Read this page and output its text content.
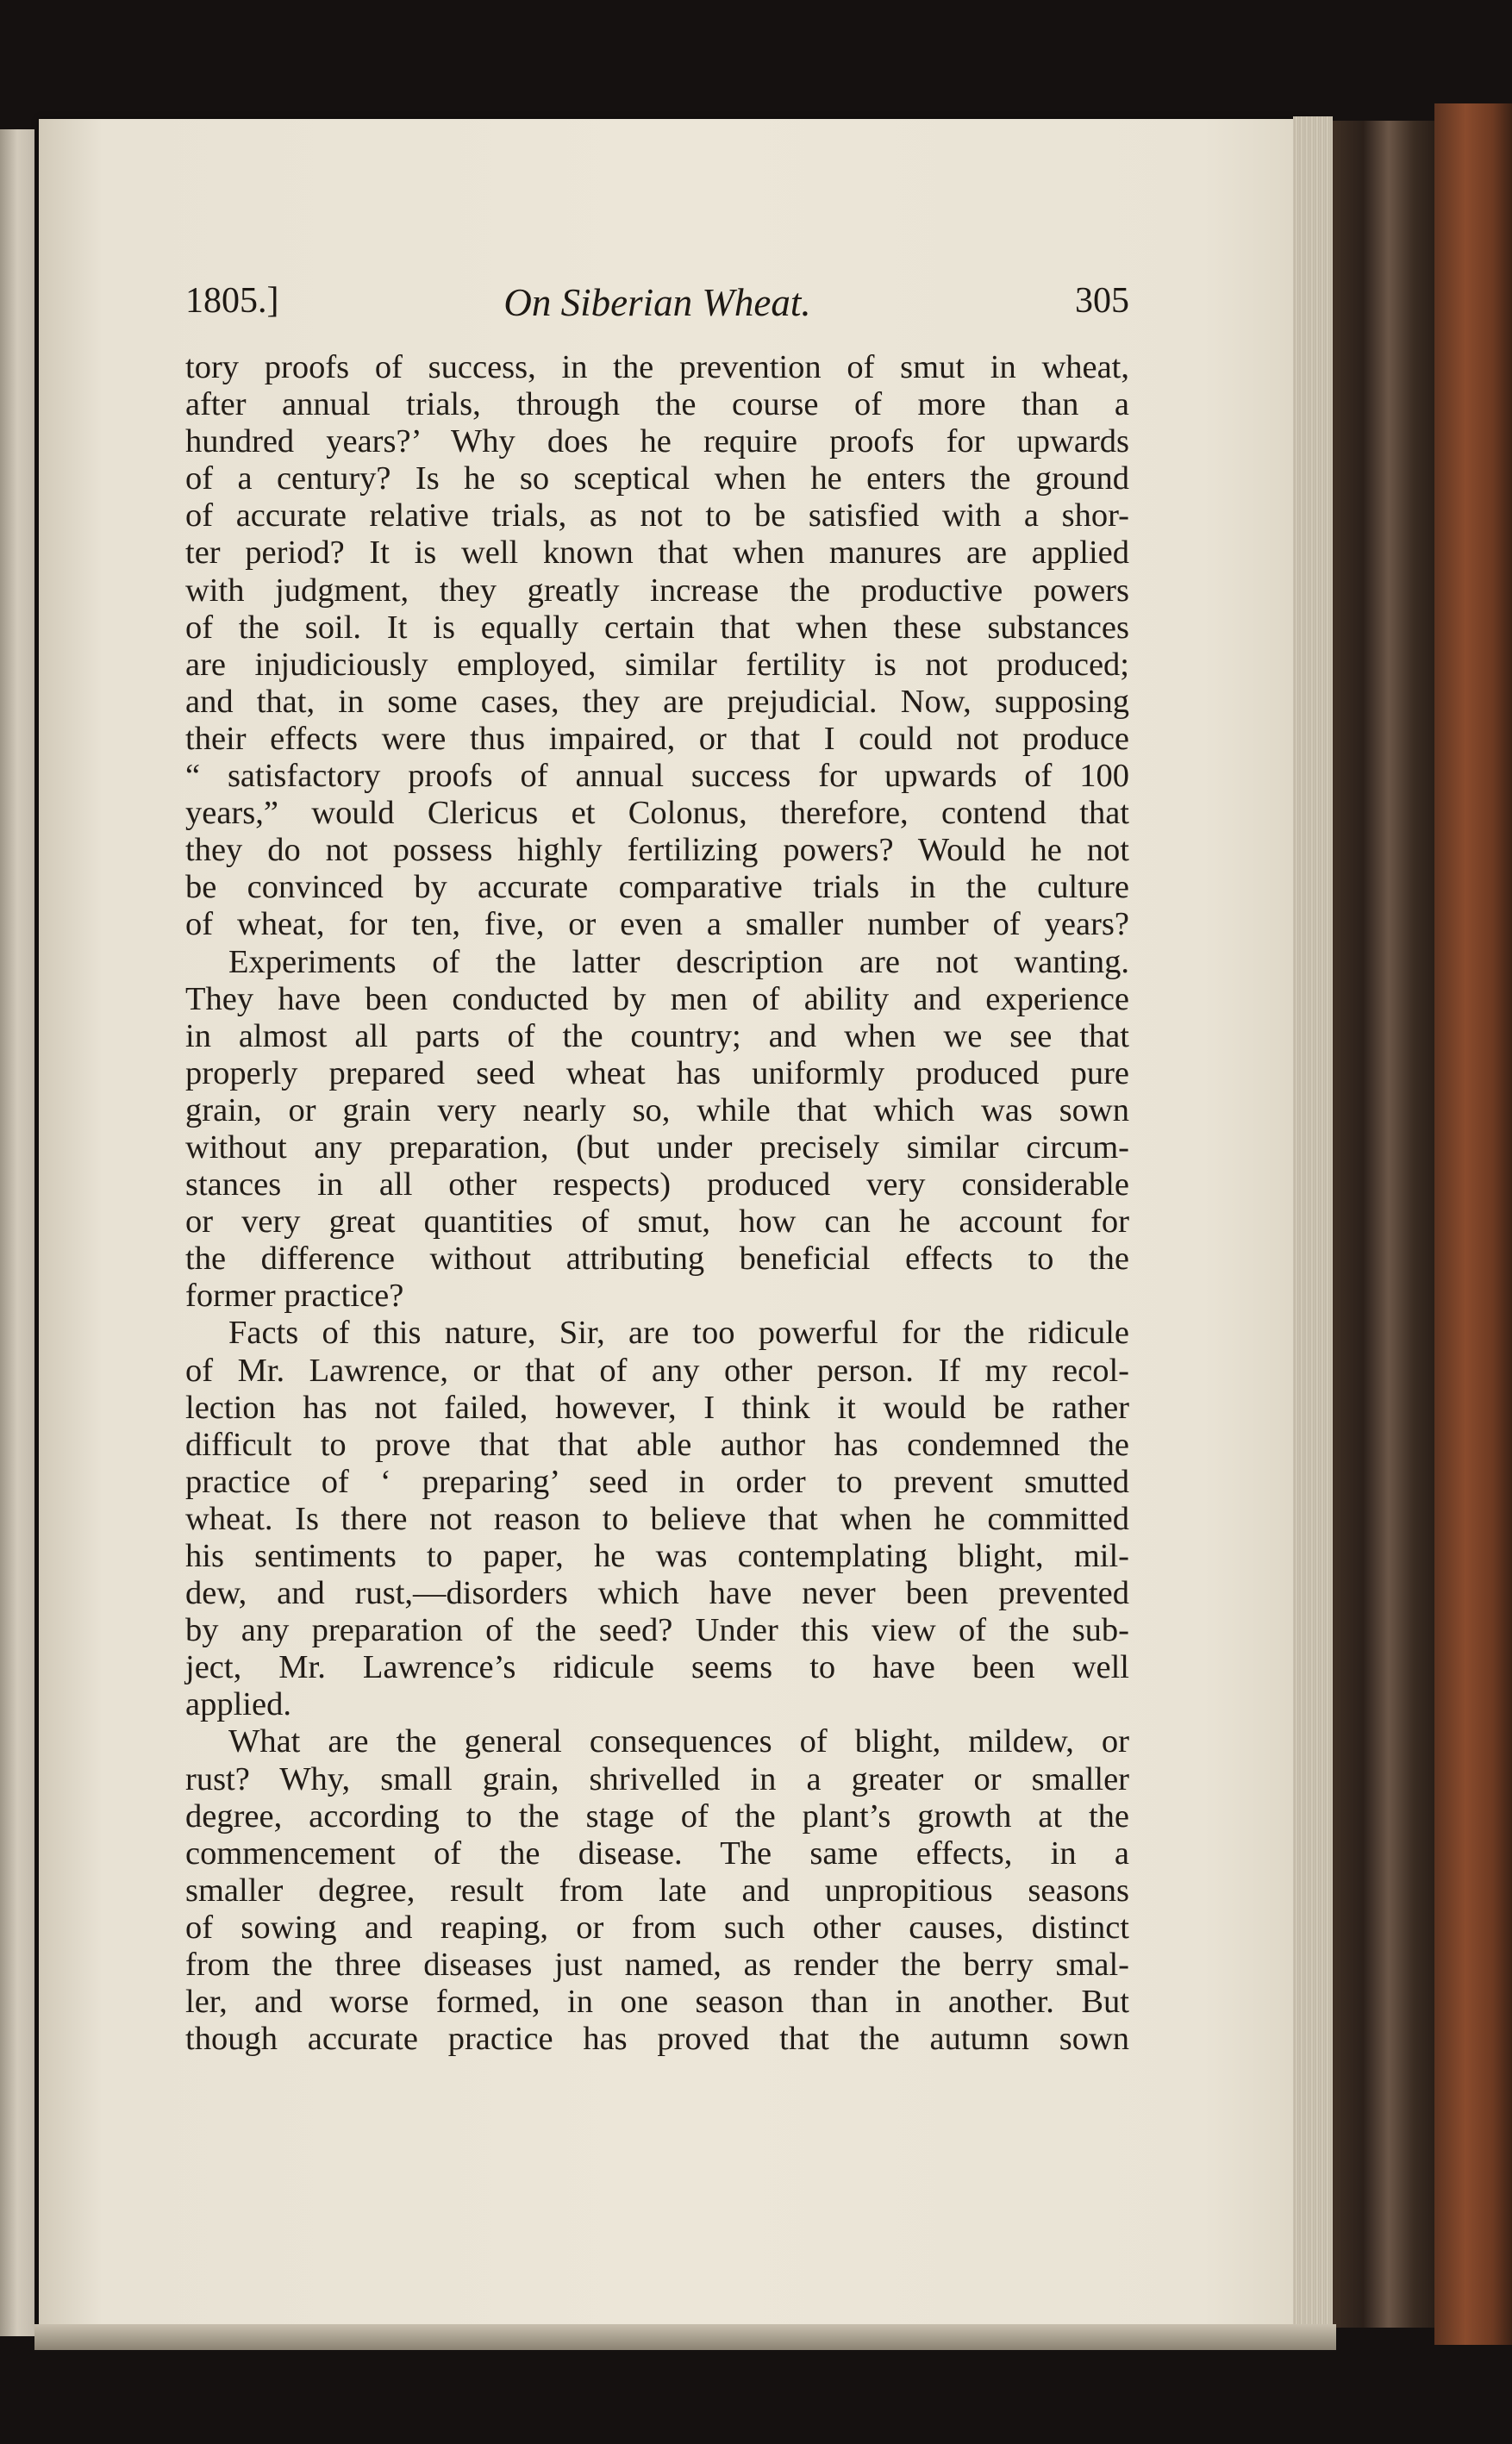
1805.]	On Siberian Wheat.	305
tory proofs of success, in the prevention of smut in wheat,
after annual trials, through the course of more than a
hundred years?’ Why does he require proofs for upwards
of a century? Is he so sceptical when he enters the ground
of accurate relative trials, as not to be satisfied with a shor-
ter period? It is well known that when manures are applied
with judgment, they greatly increase the productive powers
of the soil. It is equally certain that when these substances
are injudiciously employed, similar fertility is not produced;
and that, in some cases, they are prejudicial. Now, supposing
their effects were thus impaired, or that I could not produce
“ satisfactory proofs of annual success for upwards of 100
years,” would Clericus et Colonus, therefore, contend that
they do not possess highly fertilizing powers? Would he not
be convinced by accurate comparative trials in the culture
of wheat, for ten, five, or even a smaller number of years?
Experiments of the latter description are not wanting.
They have been conducted by men of ability and experience
in almost all parts of the country; and when we see that
properly prepared seed wheat has uniformly produced pure
grain, or grain very nearly so, while that which was sown
without any preparation, (but under precisely similar circum-
stances in all other respects) produced very considerable
or very great quantities of smut, how can he account for
the difference without attributing beneficial effects to the
former practice?
Facts of this nature, Sir, are too powerful for the ridicule
of Mr. Lawrence, or that of any other person. If my recol-
lection has not failed, however, I think it would be rather
difficult to prove that that able author has condemned the
practice of ‘ preparing’ seed in order to prevent smutted
wheat. Is there not reason to believe that when he committed
his sentiments to paper, he was contemplating blight, mil-
dew, and rust,—disorders which have never been prevented
by any preparation of the seed? Under this view of the sub-
ject, Mr. Lawrence’s ridicule seems to have been well
applied.
What are the general consequences of blight, mildew, or
rust? Why, small grain, shrivelled in a greater or smaller
degree, according to the stage of the plant’s growth at the
commencement of the disease. The same effects, in a
smaller degree, result from late and unpropitious seasons
of sowing and reaping, or from such other causes, distinct
from the three diseases just named, as render the berry smal-
ler, and worse formed, in one season than in another. But
though accurate practice has proved that the autumn sown
